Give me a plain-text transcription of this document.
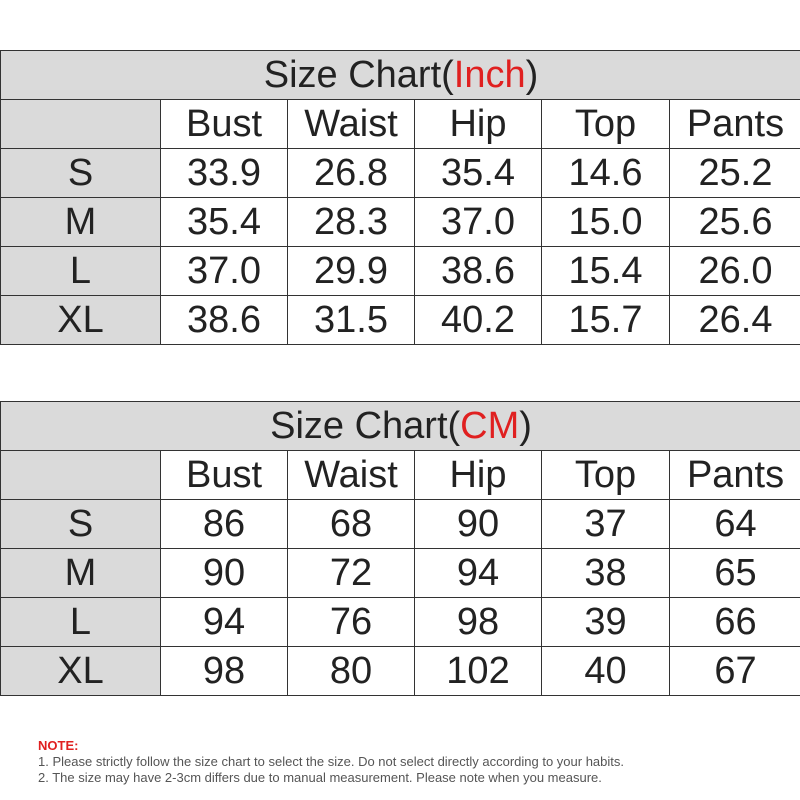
Size Chart(Inch)					
	Bust	Waist	Hip	Top	Pants
S	33.9	26.8	35.4	14.6	25.2
M	35.4	28.3	37.0	15.0	25.6
L	37.0	29.9	38.6	15.4	26.0
XL	38.6	31.5	40.2	15.7	26.4
Size Chart(CM)					
	Bust	Waist	Hip	Top	Pants
S	86	68	90	37	64
M	90	72	94	38	65
L	94	76	98	39	66
XL	98	80	102	40	67
NOTE:
1. Please strictly follow the size chart to select the size. Do not select directly according to your habits.
2. The size may have 2-3cm differs due to manual measurement. Please note when you measure.
